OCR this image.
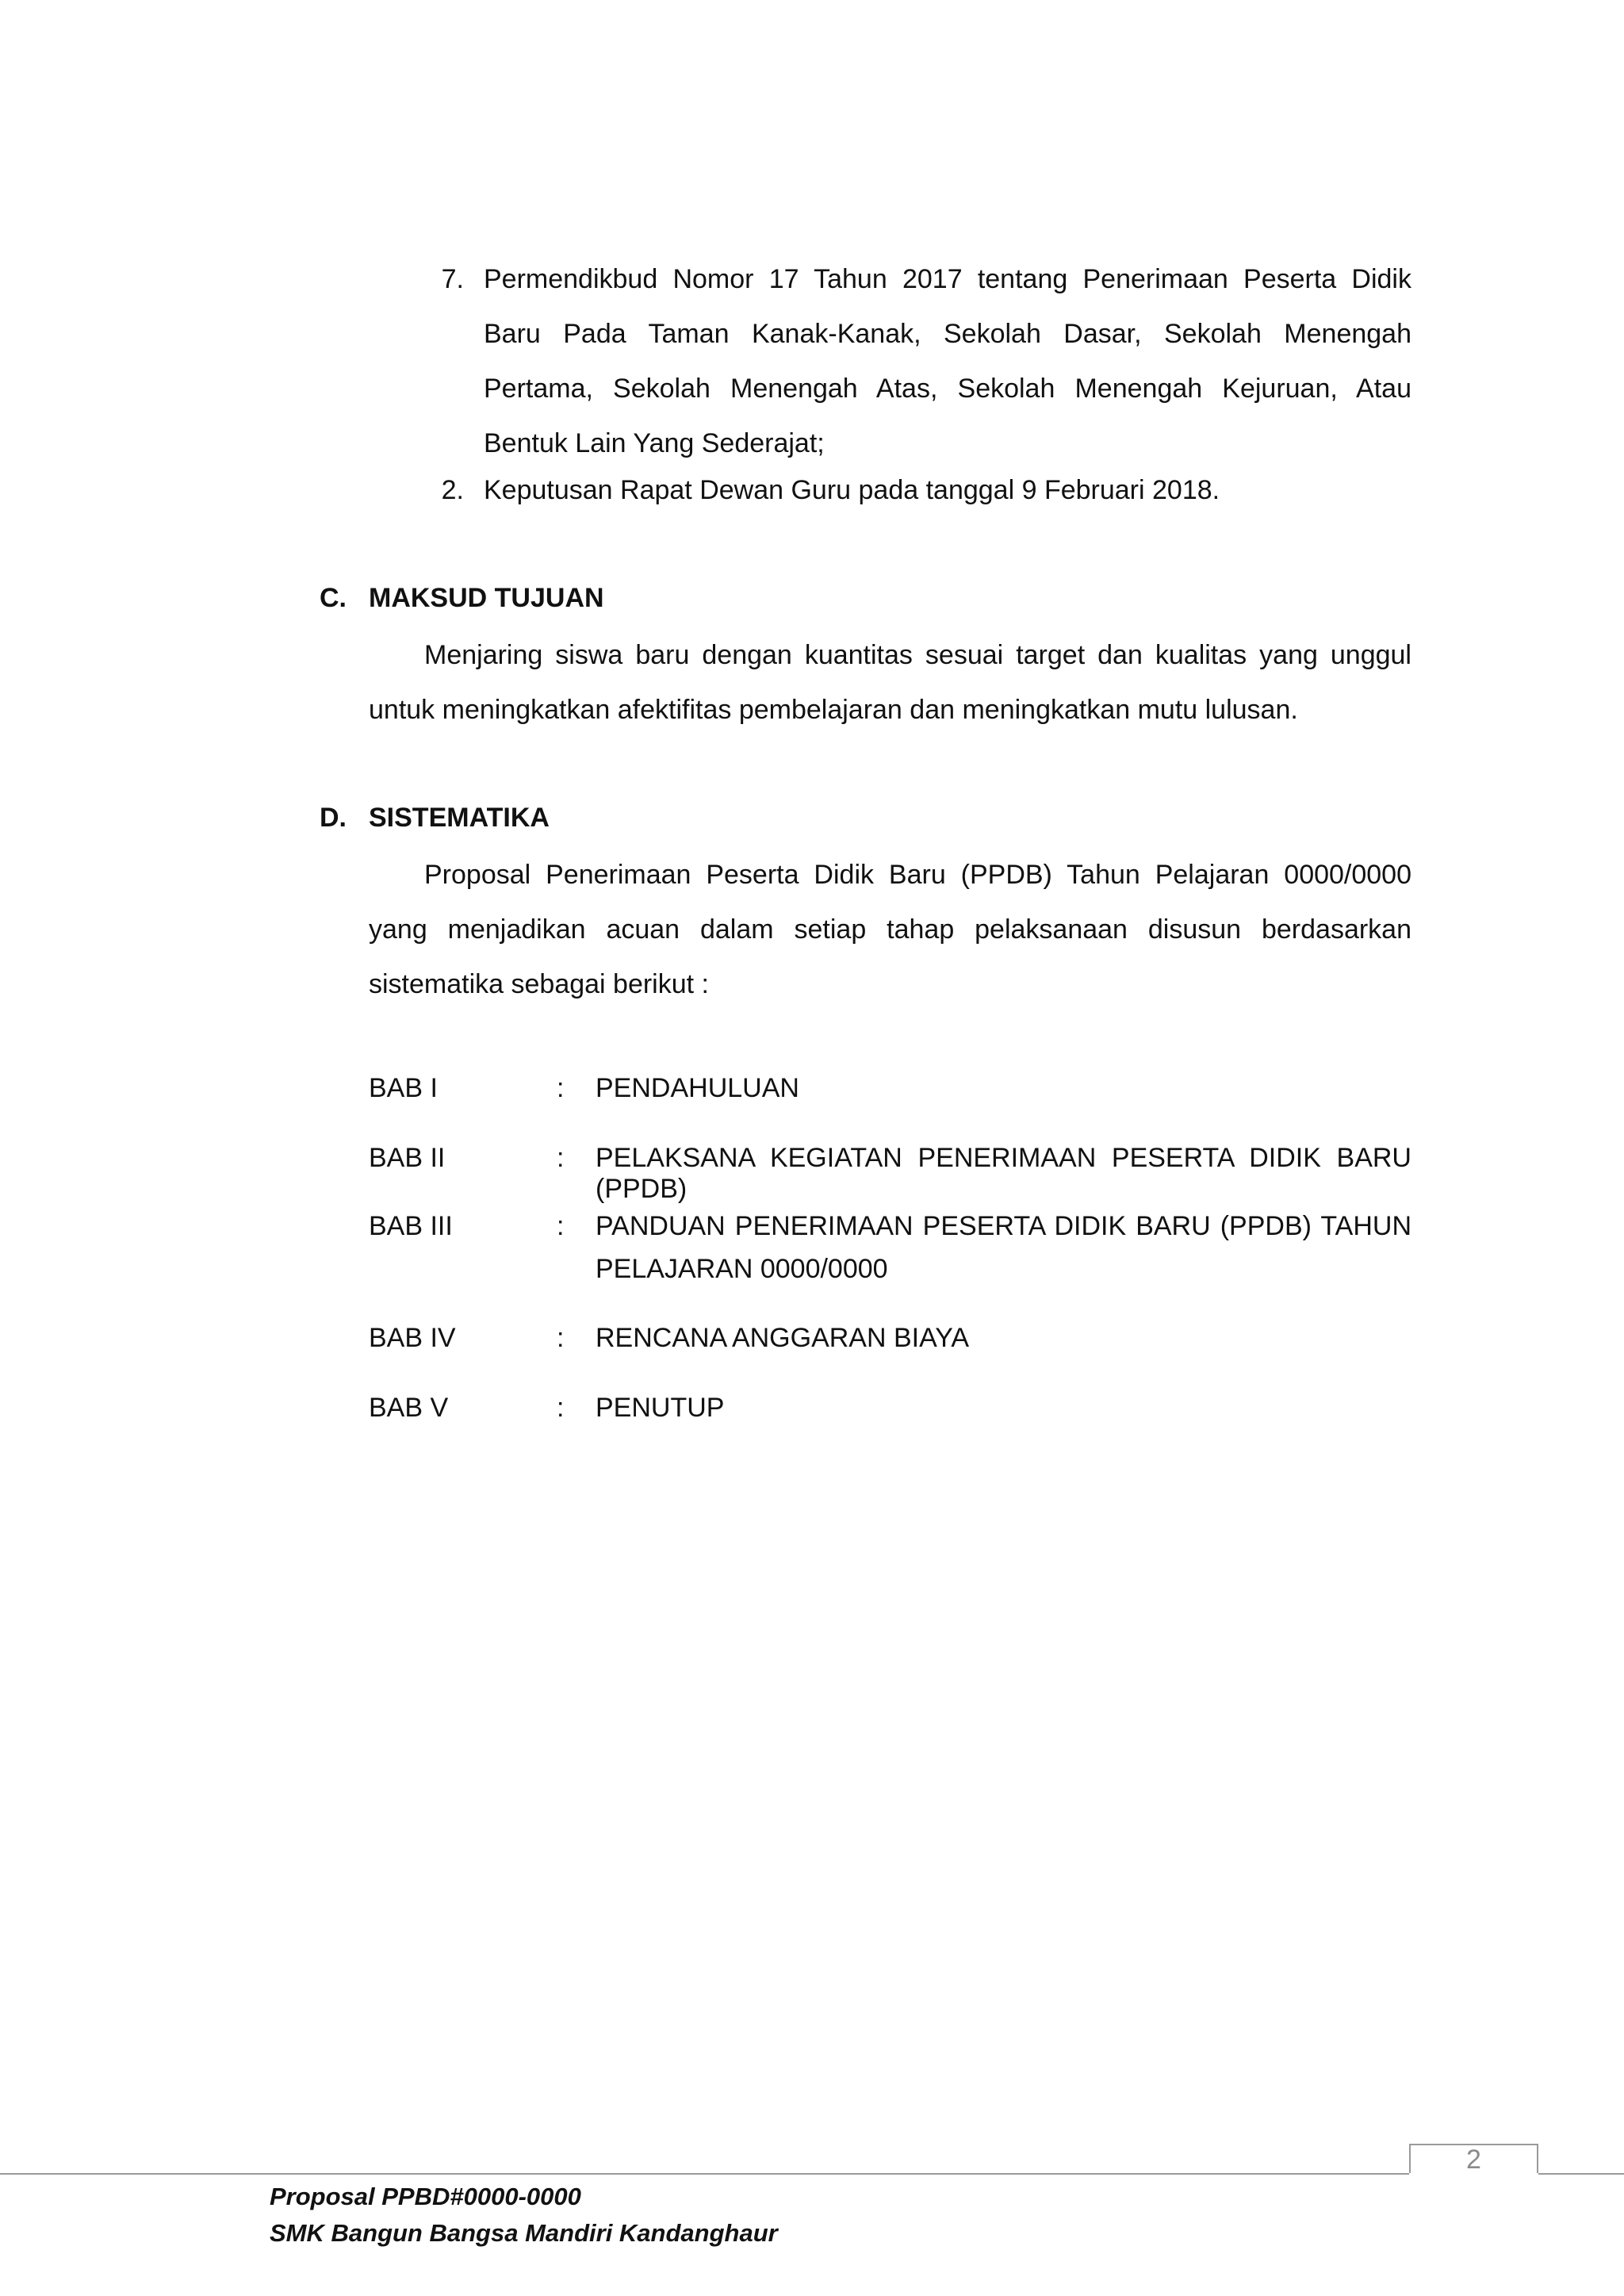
7. Permendikbud Nomor 17 Tahun 2017 tentang Penerimaan Peserta Didik Baru Pada Taman Kanak-Kanak, Sekolah Dasar, Sekolah Menengah Pertama, Sekolah Menengah Atas, Sekolah Menengah Kejuruan, Atau Bentuk Lain Yang Sederajat;
2. Keputusan Rapat Dewan Guru pada tanggal 9 Februari 2018.
C. MAKSUD TUJUAN
Menjaring siswa baru dengan kuantitas sesuai target dan kualitas yang unggul untuk meningkatkan afektifitas pembelajaran dan meningkatkan mutu lulusan.
D. SISTEMATIKA
Proposal Penerimaan Peserta Didik Baru (PPDB) Tahun Pelajaran 0000/0000 yang menjadikan acuan dalam setiap tahap pelaksanaan disusun berdasarkan sistematika sebagai berikut :
BAB I	: PENDAHULUAN
BAB II	: PELAKSANA KEGIATAN PENERIMAAN PESERTA DIDIK BARU (PPDB)
BAB III	: PANDUAN PENERIMAAN PESERTA DIDIK BARU (PPDB) TAHUN PELAJARAN 0000/0000
BAB IV	: RENCANA ANGGARAN BIAYA
BAB V	: PENUTUP
2
Proposal PPBD#0000-0000
SMK Bangun Bangsa Mandiri Kandanghaur
